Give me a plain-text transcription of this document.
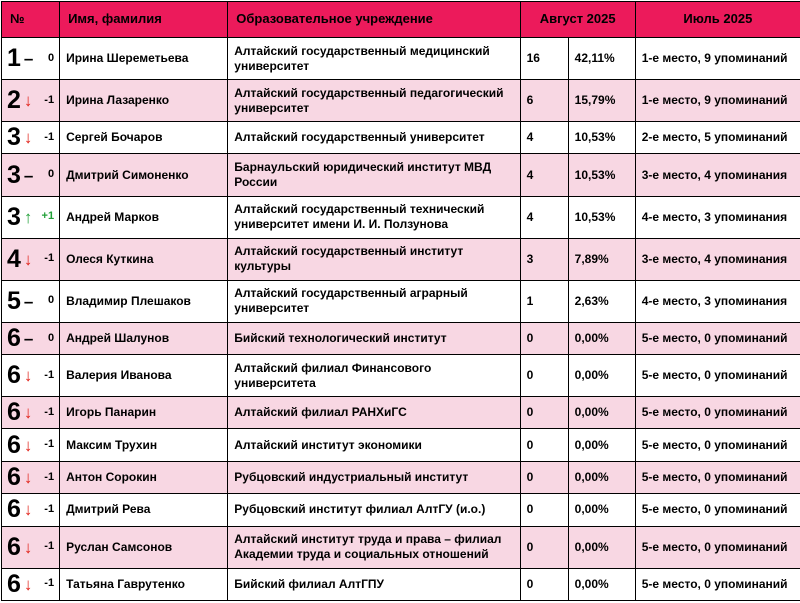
№	Имя, фамилия	Образовательное учреждение	Август 2025		Июль 2025

1 – 0	Ирина Шереметьева	Алтайский государственный медицинский университет	16	42,11%	1-е место, 9 упоминаний

2 ↓ -1	Ирина Лазаренко	Алтайский государственный педагогический университет	6	15,79%	1-е место, 9 упоминаний

3 ↓ -1	Сергей Бочаров	Алтайский государственный университет	4	10,53%	2-е место, 5 упоминаний

3 – 0	Дмитрий Симоненко	Барнаульский юридический институт МВД России	4	10,53%	3-е место, 4 упоминания

3 ↑ +1	Андрей Марков	Алтайский государственный технический университет имени И. И. Ползунова	4	10,53%	4-е место, 3 упоминания

4 ↓ -1	Олеся Куткина	Алтайский государственный институт культуры	3	7,89%	3-е место, 4 упоминания

5 – 0	Владимир Плешаков	Алтайский государственный аграрный университет	1	2,63%	4-е место, 3 упоминания

6 – 0	Андрей Шалунов	Бийский технологический институт	0	0,00%	5-е место, 0 упоминаний

6 ↓ -1	Валерия Иванова	Алтайский филиал Финансового университета	0	0,00%	5-е место, 0 упоминаний

6 ↓ -1	Игорь Панарин	Алтайский филиал РАНХиГС	0	0,00%	5-е место, 0 упоминаний

6 ↓ -1	Максим Трухин	Алтайский институт экономики	0	0,00%	5-е место, 0 упоминаний

6 ↓ -1	Антон Сорокин	Рубцовский индустриальный институт	0	0,00%	5-е место, 0 упоминаний

6 ↓ -1	Дмитрий Рева	Рубцовский институт филиал АлтГУ (и.о.)	0	0,00%	5-е место, 0 упоминаний

6 ↓ -1	Руслан Самсонов	Алтайский институт труда и права – филиал Академии труда и социальных отношений	0	0,00%	5-е место, 0 упоминаний

6 ↓ -1	Татьяна Гаврутенко	Бийский филиал АлтГПУ	0	0,00%	5-е место, 0 упоминаний
